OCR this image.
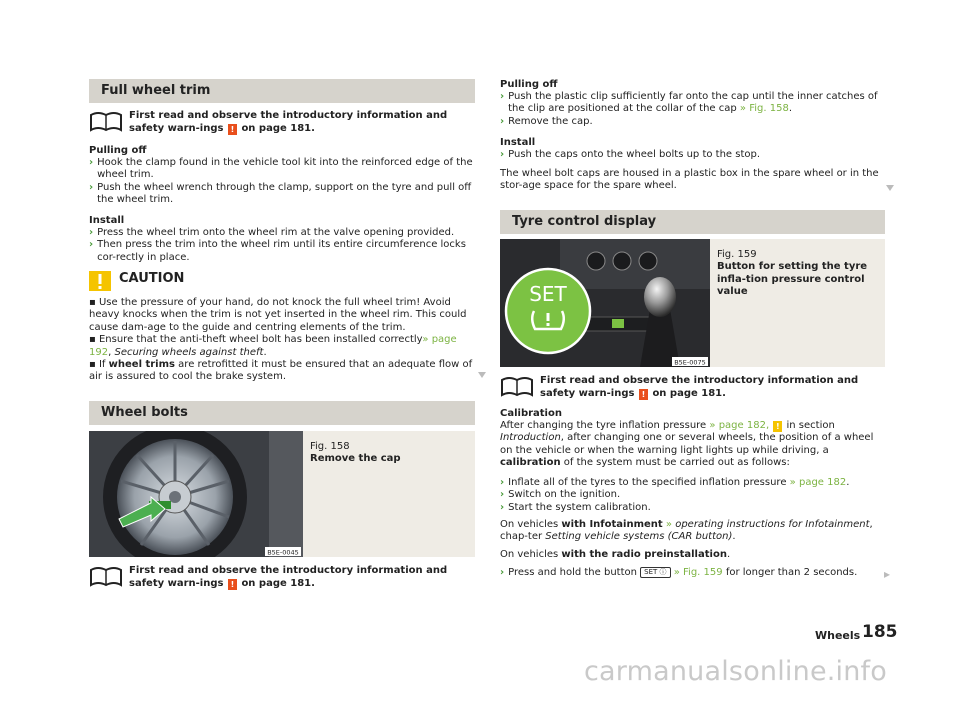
Full wheel trim
First read and observe the introductory information and safety warn-ings ! on page 181.
Pulling off
› Hook the clamp found in the vehicle tool kit into the reinforced edge of the wheel trim.
› Push the wheel wrench through the clamp, support on the tyre and pull off the wheel trim.
Install
› Press the wheel trim onto the wheel rim at the valve opening provided.
› Then press the trim into the wheel rim until its entire circumference locks cor-rectly in place.
CAUTION
▪ Use the pressure of your hand, do not knock the full wheel trim! Avoid heavy knocks when the trim is not yet inserted in the wheel rim. This could cause dam-age to the guide and centring elements of the trim.
▪ Ensure that the anti-theft wheel bolt has been installed correctly» page 192, Securing wheels against theft.
▪ If wheel trims are retrofitted it must be ensured that an adequate flow of air is assured to cool the brake system.
Wheel bolts
B5E-0045
Fig. 158
Remove the cap
First read and observe the introductory information and safety warn-ings ! on page 181.
Pulling off
› Push the plastic clip sufficiently far onto the cap until the inner catches of the clip are positioned at the collar of the cap » Fig. 158.
› Remove the cap.
Install
› Push the caps onto the wheel bolts up to the stop.
The wheel bolt caps are housed in a plastic box in the spare wheel or in the stor-age space for the spare wheel.
Tyre control display
SET
B5E-0075
Fig. 159
Button for setting the tyre infla-tion pressure control value
First read and observe the introductory information and safety warn-ings ! on page 181.
Calibration
After changing the tyre inflation pressure » page 182, ! in section Introduction, after changing one or several wheels, the position of a wheel on the vehicle or when the warning light lights up while driving, a calibration of the system must be carried out as follows:
› Inflate all of the tyres to the specified inflation pressure » page 182.
› Switch on the ignition.
› Start the system calibration.
On vehicles with Infotainment » operating instructions for Infotainment, chap-ter Setting vehicle systems (CAR button).
On vehicles with the radio preinstallation.
› Press and hold the button SET ⓘ » Fig. 159 for longer than 2 seconds.	▸
Wheels 185
carmanualsonline.info
